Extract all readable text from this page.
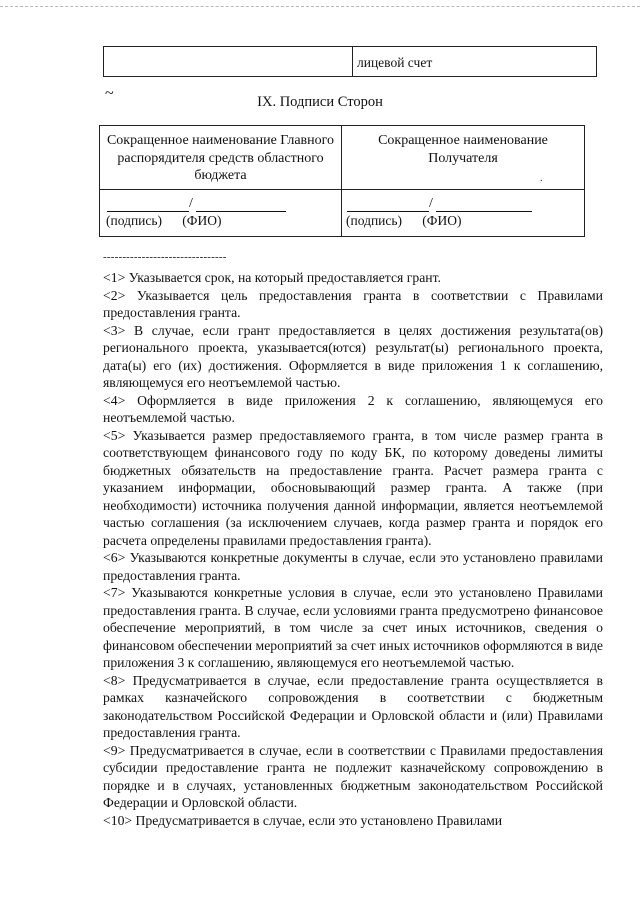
лицевой счет
~	IX. Подписи Сторон
Сокращенное наименование Главного распорядителя средств областного бюджета
Сокращенное наименование Получателя
.
/
(подпись)      (ФИО)
/
(подпись)      (ФИО)
--------------------------------

<1> Указывается срок, на который предоставляется грант.

<2> Указывается цель предоставления гранта в соответствии с Правилами предоставления гранта.

<3> В случае, если грант предоставляется в целях достижения результата(ов) регионального проекта, указывается(ются) результат(ы) регионального проекта, дата(ы) его (их) достижения. Оформляется в виде приложения 1 к соглашению, являющемуся его неотъемлемой частью.

<4> Оформляется в виде приложения 2 к соглашению, являющемуся его неотъемлемой частью.

<5> Указывается размер предоставляемого гранта, в том числе размер гранта в соответствующем финансового году по коду БК, по которому доведены лимиты бюджетных обязательств на предоставление гранта. Расчет размера гранта с указанием информации, обосновывающий размер гранта. А также (при необходимости) источника получения данной информации, является неотъемлемой частью соглашения (за исключением случаев, когда размер гранта и порядок его расчета определены правилами предоставления гранта).

<6> Указываются конкретные документы в случае, если это установлено правилами предоставления гранта.

<7> Указываются конкретные условия в случае, если это установлено Правилами предоставления гранта. В случае, если условиями гранта предусмотрено финансовое обеспечение мероприятий, в том числе за счет иных источников, сведения о финансовом обеспечении мероприятий за счет иных источников оформляются в виде приложения 3 к соглашению, являющемуся его неотъемлемой частью.

<8> Предусматривается в случае, если предоставление гранта осуществляется в рамках казначейского сопровождения в соответствии с бюджетным законодательством Российской Федерации и Орловской области и (или) Правилами предоставления гранта.

<9> Предусматривается в случае, если в соответствии с Правилами предоставления субсидии предоставление гранта не подлежит казначейскому сопровождению в порядке и в случаях, установленных бюджетным законодательством Российской Федерации и Орловской области.

<10> Предусматривается в случае, если это установлено Правилами
